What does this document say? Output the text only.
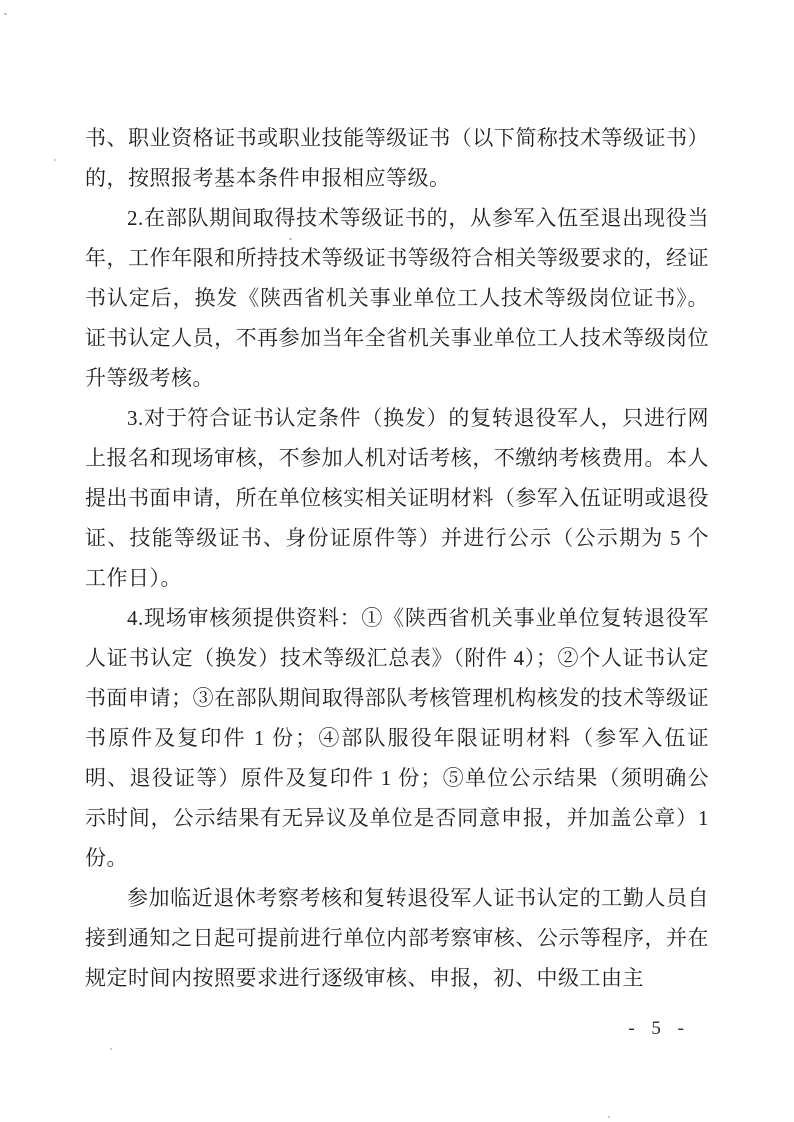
书、职业资格证书或职业技能等级证书（以下简称技术等级证书）的，按照报考基本条件申报相应等级。

2.在部队期间取得技术等级证书的，从参军入伍至退出现役当年，工作年限和所持技术等级证书等级符合相关等级要求的，经证书认定后，换发《陕西省机关事业单位工人技术等级岗位证书》。证书认定人员，不再参加当年全省机关事业单位工人技术等级岗位升等级考核。

3.对于符合证书认定条件（换发）的复转退役军人，只进行网上报名和现场审核，不参加人机对话考核，不缴纳考核费用。本人提出书面申请，所在单位核实相关证明材料（参军入伍证明或退役证、技能等级证书、身份证原件等）并进行公示（公示期为 5 个工作日）。

4.现场审核须提供资料：①《陕西省机关事业单位复转退役军人证书认定（换发）技术等级汇总表》（附件 4）；②个人证书认定书面申请；③在部队期间取得部队考核管理机构核发的技术等级证书原件及复印件 1 份；④部队服役年限证明材料（参军入伍证明、退役证等）原件及复印件 1 份；⑤单位公示结果（须明确公示时间，公示结果有无异议及单位是否同意申报，并加盖公章）1 份。

参加临近退休考察考核和复转退役军人证书认定的工勤人员自接到通知之日起可提前进行单位内部考察审核、公示等程序，并在规定时间内按照要求进行逐级审核、申报，初、中级工由主

- 5 -
